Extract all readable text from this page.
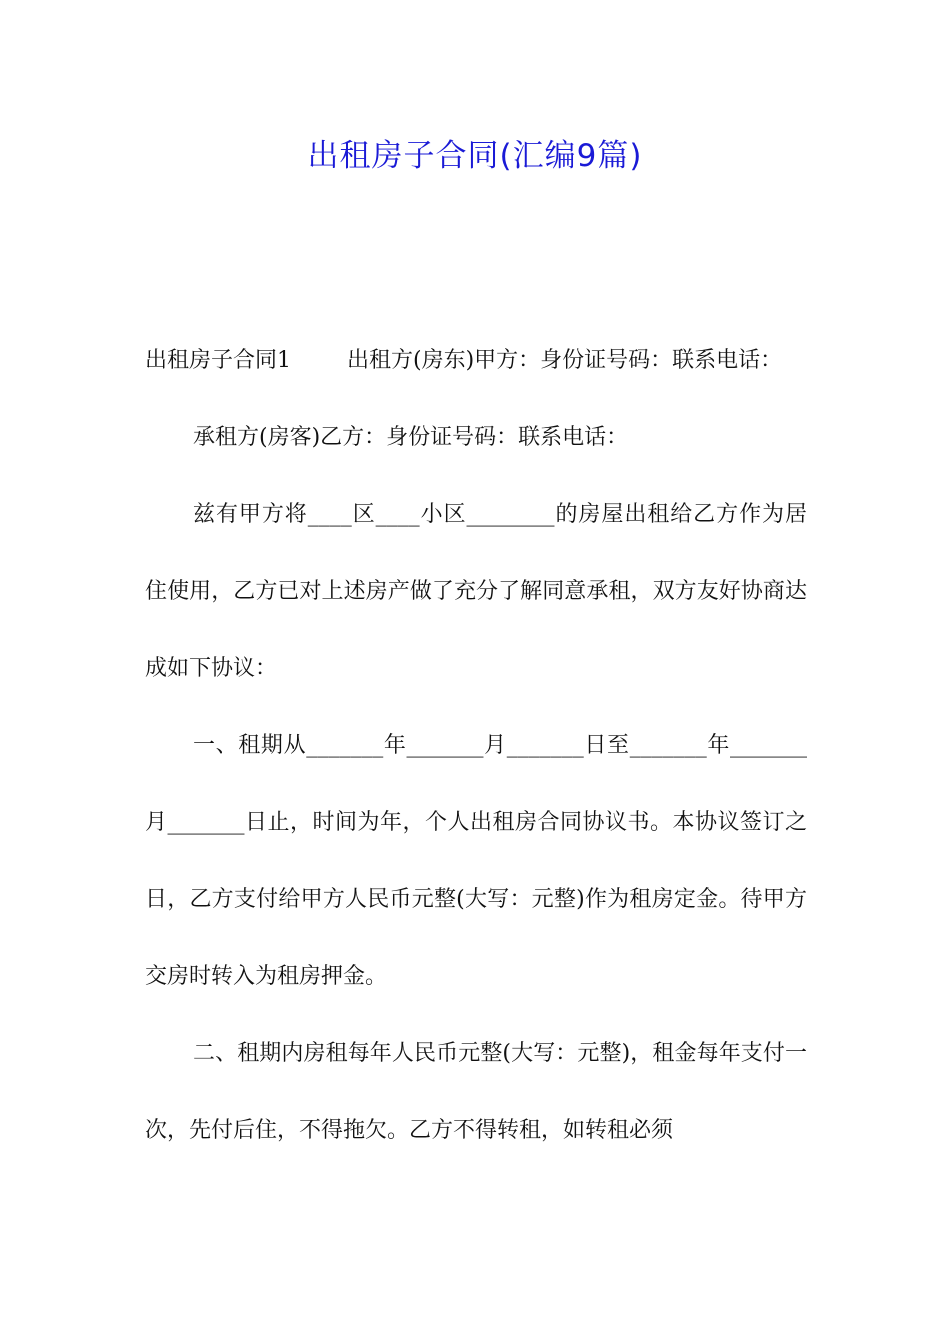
出租房子合同(汇编9篇)

出租房子合同1	出租方(房东)甲方：身份证号码：联系电话：

承租方(房客)乙方：身份证号码：联系电话：

兹有甲方将____区____小区________的房屋出租给乙方作为居住使用，乙方已对上述房产做了充分了解同意承租，双方友好协商达成如下协议：

一、租期从_______年_______月_______日至_______年_______月_______日止，时间为年，个人出租房合同协议书。本协议签订之日，乙方支付给甲方人民币元整(大写：元整)作为租房定金。待甲方交房时转入为租房押金。

二、租期内房租每年人民币元整(大写：元整)，租金每年支付一次，先付后住，不得拖欠。乙方不得转租，如转租必须
